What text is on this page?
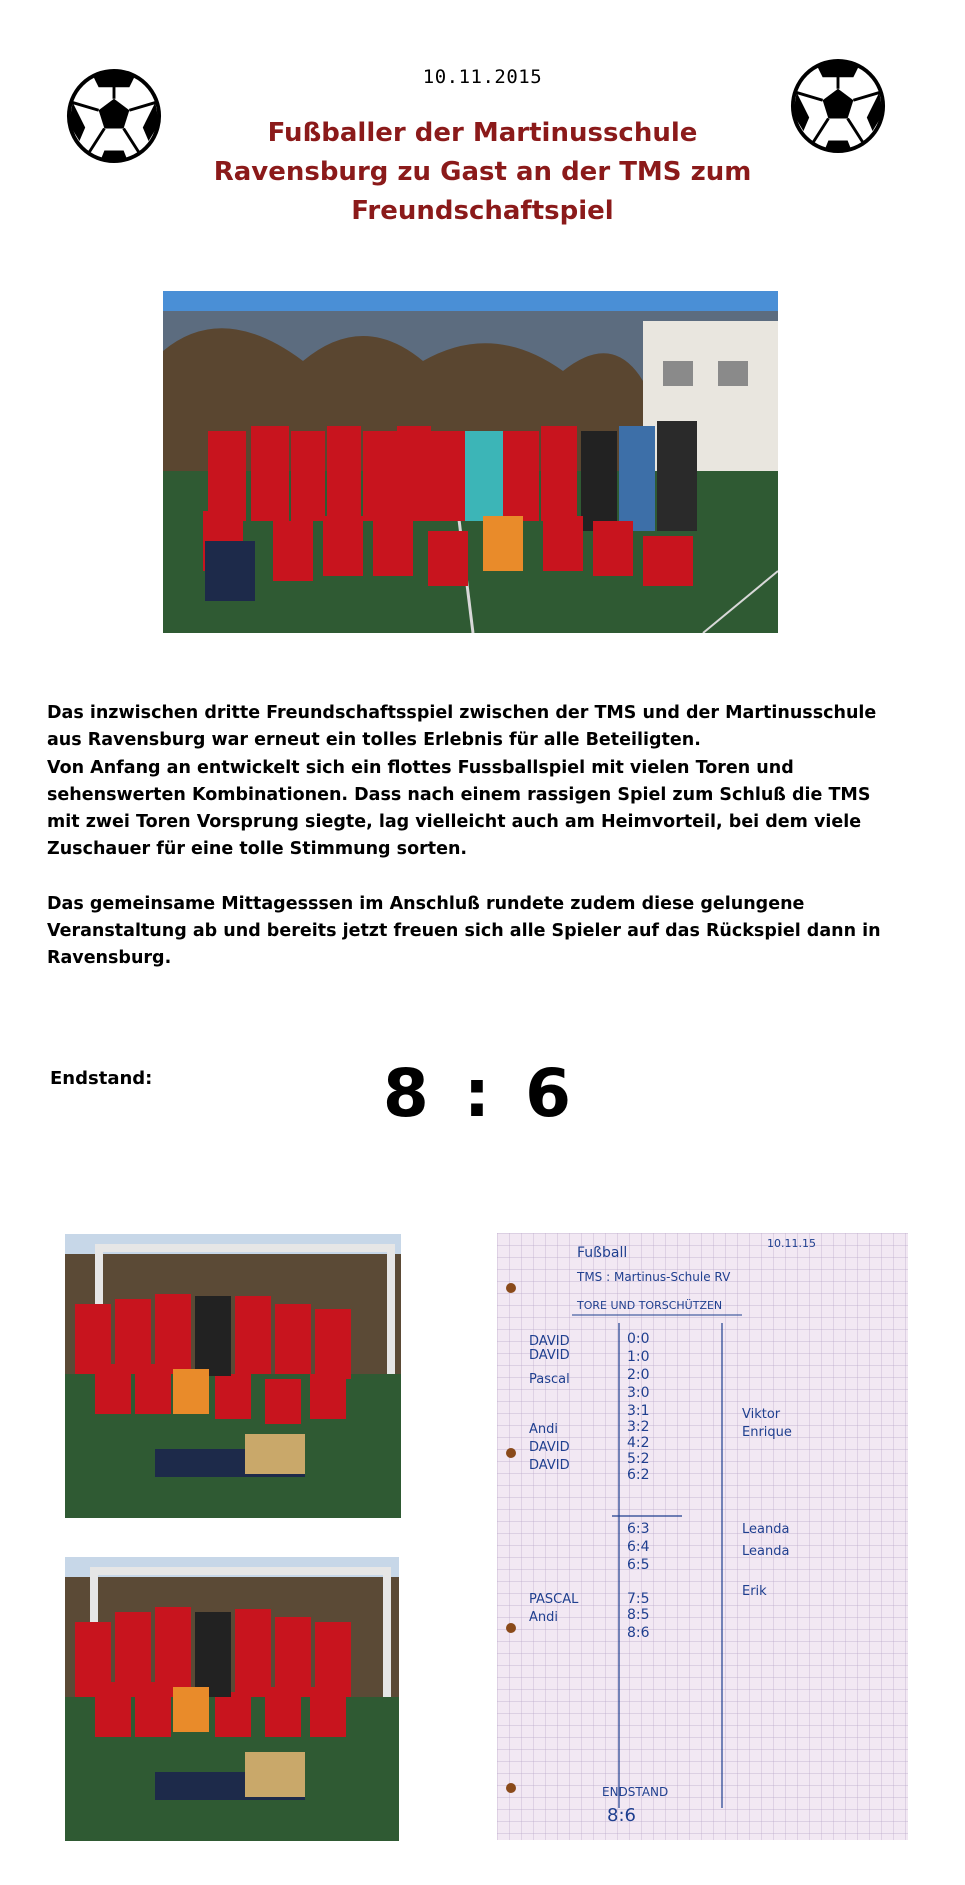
10.11.2015
Fußballer der Martinusschule
Ravensburg zu Gast an der TMS zum
Freundschaftspiel

Das inzwischen dritte Freundschaftsspiel zwischen der TMS und der Martinusschule aus Ravensburg war erneut ein tolles Erlebnis für alle Beteiligten.

Von Anfang an entwickelt sich ein flottes Fussballspiel mit vielen Toren und sehenswerten Kombinationen. Dass nach einem rassigen Spiel zum Schluß die TMS mit zwei Toren Vorsprung siegte, lag vielleicht auch am Heimvorteil, bei dem viele Zuschauer für eine tolle Stimmung sorten.

Das gemeinsame Mittagesssen im Anschluß rundete zudem diese gelungene Veranstaltung ab und bereits jetzt freuen sich alle Spieler auf das Rückspiel dann in Ravensburg.

Endstand:	8 : 6
Fußball
10.11.15
TMS : Martinus-Schule RV
TORE UND TORSCHÜTZEN
0:0
1:0
2:0
3:0
3:1
3:2
4:2
5:2
6:2
6:3
6:4
6:5
7:5
8:5
8:6
DAVID
DAVID
Pascal
Andi
DAVID
DAVID
PASCAL
Andi
Viktor
Enrique
Leanda
Leanda
Erik
ENDSTAND
8:6
